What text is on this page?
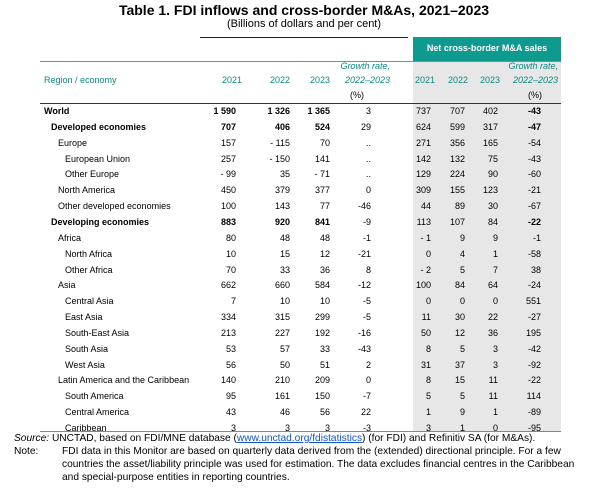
Table 1. FDI inflows and cross-border M&As, 2021–2023
(Billions of dollars and per cent)
Net cross-border M&A sales
Region / economy	2021	2022	2023
Growth rate,
2022–2023
(%)
2021	2022	2023
Growth rate,
2022–2023
(%)
World	1 590	1 326	1 365	3	737	707	402	-43
Developed economies	707	406	524	29	624	599	317	-47
Europe	157	- 115	70	..	271	356	165	-54
European Union	257	- 150	141	..	142	132	75	-43
Other Europe	- 99	35	- 71	..	129	224	90	-60
North America	450	379	377	0	309	155	123	-21
Other developed economies	100	143	77	-46	44	89	30	-67
Developing economies	883	920	841	-9	113	107	84	-22
Africa	80	48	48	-1	- 1	9	9	-1
North Africa	10	15	12	-21	0	4	1	-58
Other Africa	70	33	36	8	- 2	5	7	38
Asia	662	660	584	-12	100	84	64	-24
Central Asia	7	10	10	-5	0	0	0	551
East Asia	334	315	299	-5	11	30	22	-27
South-East Asia	213	227	192	-16	50	12	36	195
South Asia	53	57	33	-43	8	5	3	-42
West Asia	56	50	51	2	31	37	3	-92
Latin America and the Caribbean	140	210	209	0	8	15	11	-22
South America	95	161	150	-7	5	5	11	114
Central America	43	46	56	22	1	9	1	-89
Caribbean	3	3	3	-3	3	1	0	-95
Source: UNCTAD, based on FDI/MNE database (www.unctad.org/fdistatistics) (for FDI) and Refinitiv SA (for M&As).
Note: FDI data in this Monitor are based on quarterly data derived from the (extended) directional principle. For a few
countries the asset/liability principle was used for estimation. The data excludes financial centres in the Caribbean
and special-purpose entities in reporting countries.
